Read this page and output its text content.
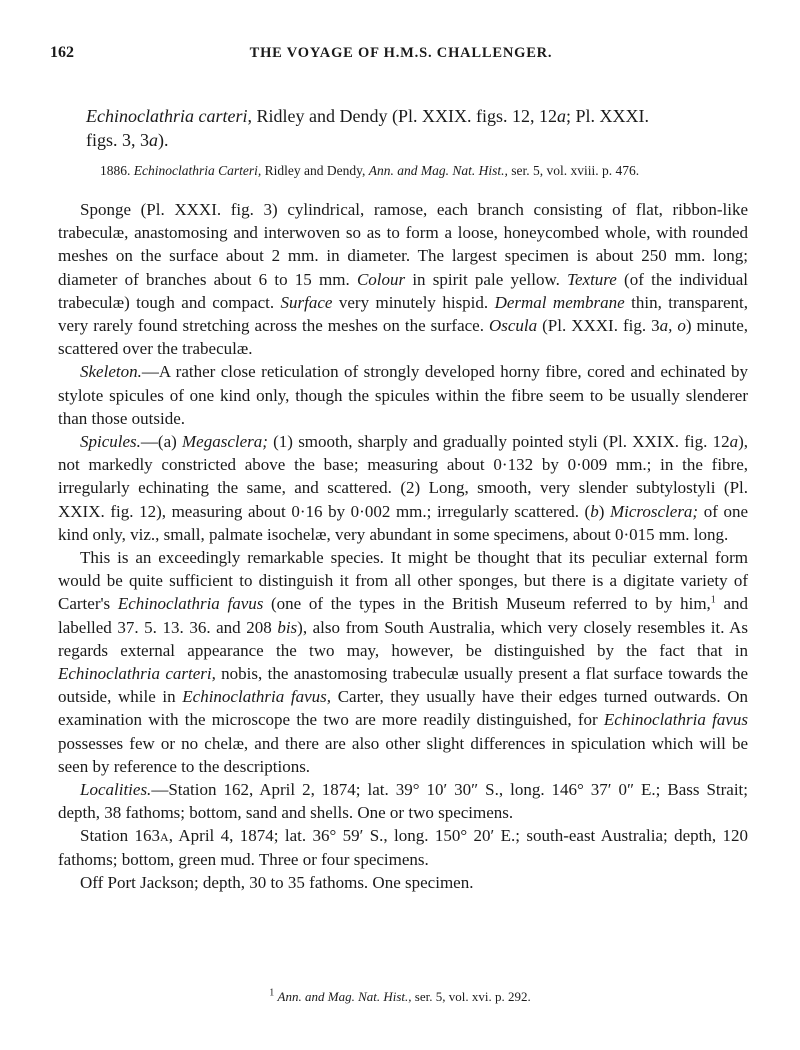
162	THE VOYAGE OF H.M.S. CHALLENGER.
Echinoclathria carteri, Ridley and Dendy (Pl. XXIX. figs. 12, 12a; Pl. XXXI.
figs. 3, 3a).
1886. Echinoclathria Carteri, Ridley and Dendy, Ann. and Mag. Nat. Hist., ser. 5, vol. xviii. p. 476.

Sponge (Pl. XXXI. fig. 3) cylindrical, ramose, each branch consisting of flat, ribbon-like trabeculæ, anastomosing and interwoven so as to form a loose, honeycombed whole, with rounded meshes on the surface about 2 mm. in diameter. The largest specimen is about 250 mm. long; diameter of branches about 6 to 15 mm. Colour in spirit pale yellow. Texture (of the individual trabeculæ) tough and compact. Surface very minutely hispid. Dermal membrane thin, transparent, very rarely found stretching across the meshes on the surface. Oscula (Pl. XXXI. fig. 3a, o) minute, scattered over the trabeculæ.

Skeleton.—A rather close reticulation of strongly developed horny fibre, cored and echinated by stylote spicules of one kind only, though the spicules within the fibre seem to be usually slenderer than those outside.

Spicules.—(a) Megasclera; (1) smooth, sharply and gradually pointed styli (Pl. XXIX. fig. 12a), not markedly constricted above the base; measuring about 0·132 by 0·009 mm.; in the fibre, irregularly echinating the same, and scattered. (2) Long, smooth, very slender subtylostyli (Pl. XXIX. fig. 12), measuring about 0·16 by 0·002 mm.; irregularly scattered. (b) Microsclera; of one kind only, viz., small, palmate isochelæ, very abundant in some specimens, about 0·015 mm. long.

This is an exceedingly remarkable species. It might be thought that its peculiar external form would be quite sufficient to distinguish it from all other sponges, but there is a digitate variety of Carter's Echinoclathria favus (one of the types in the British Museum referred to by him,$^1$ and labelled 37. 5. 13. 36. and 208 bis), also from South Australia, which very closely resembles it. As regards external appearance the two may, however, be distinguished by the fact that in Echinoclathria carteri, nobis, the anastomosing trabeculæ usually present a flat surface towards the outside, while in Echinoclathria favus, Carter, they usually have their edges turned outwards. On examination with the microscope the two are more readily distinguished, for Echinoclathria favus possesses few or no chelæ, and there are also other slight differences in spiculation which will be seen by reference to the descriptions.

Localities.—Station 162, April 2, 1874; lat. 39° 10′ 30″ S., long. 146° 37′ 0″ E.; Bass Strait; depth, 38 fathoms; bottom, sand and shells. One or two specimens.

Station 163a, April 4, 1874; lat. 36° 59′ S., long. 150° 20′ E.; south-east Australia; depth, 120 fathoms; bottom, green mud. Three or four specimens.

Off Port Jackson; depth, 30 to 35 fathoms. One specimen.

$^1$ Ann. and Mag. Nat. Hist., ser. 5, vol. xvi. p. 292.
